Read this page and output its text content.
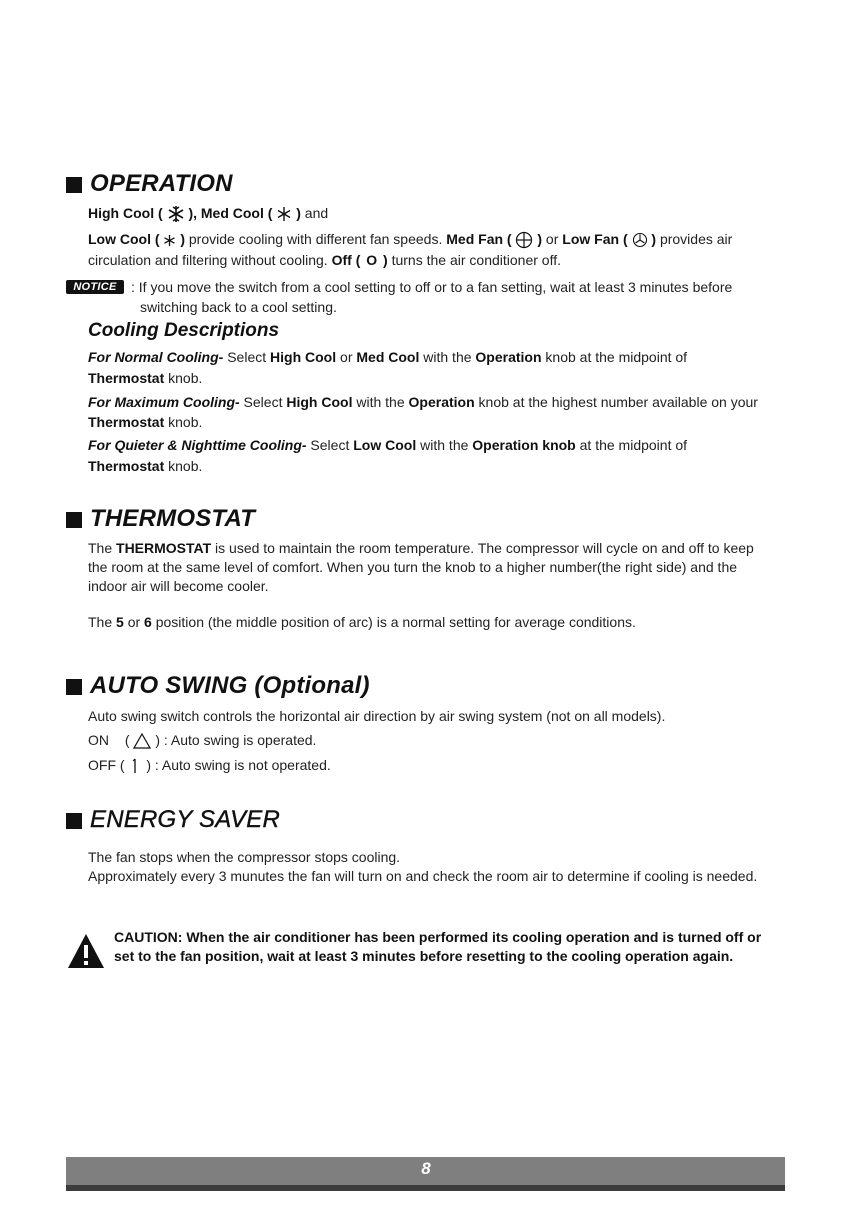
OPERATION
High Cool ( ), Med Cool ( ) and
Low Cool ( ) provide cooling with different fan speeds. Med Fan ( ) or Low Fan ( ) provides air
circulation and filtering without cooling. Off ( O ) turns the air conditioner off.
NOTICE	: If you move the switch from a cool setting to off or to a fan setting, wait at least 3 minutes before
switching back to a cool setting.
Cooling Descriptions
For Normal Cooling- Select High Cool or Med Cool with the Operation knob at the midpoint of
Thermostat knob.
For Maximum Cooling- Select High Cool with the Operation knob at the highest number available on your
Thermostat knob.
For Quieter & Nighttime Cooling- Select Low Cool with the Operation knob at the midpoint of
Thermostat knob.
THERMOSTAT
The THERMOSTAT is used to maintain the room temperature. The compressor will cycle on and off to keep
the room at the same level of comfort. When you turn the knob to a higher number(the right side) and the
indoor air will become cooler.
The 5 or 6 position (the middle position of arc) is a normal setting for average conditions.
AUTO SWING (Optional)
Auto swing switch controls the horizontal air direction by air swing system (not on all models).
ON ( ) : Auto swing is operated.
OFF ( ) : Auto swing is not operated.
ENERGY SAVER
The fan stops when the compressor stops cooling.
Approximately every 3 munutes the fan will turn on and check the room air to determine if cooling is needed.
CAUTION: When the air conditioner has been performed its cooling operation and is turned off or
set to the fan position, wait at least 3 minutes before resetting to the cooling operation again.
8
